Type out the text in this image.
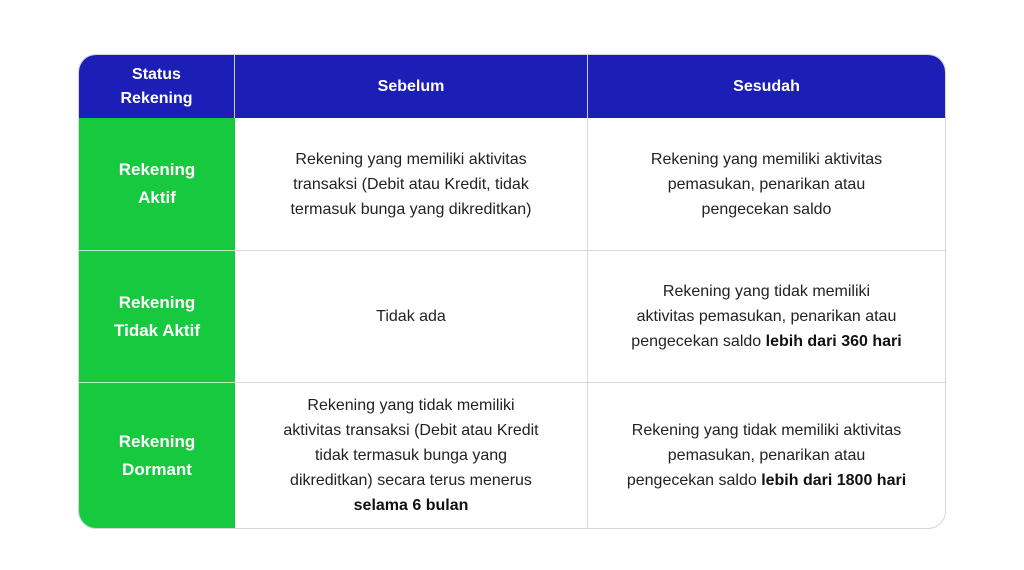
Status
Rekening
Sebelum	Sesudah
Rekening
Aktif
Rekening yang memiliki aktivitas
transaksi (Debit atau Kredit, tidak
termasuk bunga yang dikreditkan)
Rekening yang memiliki aktivitas
pemasukan, penarikan atau
pengecekan saldo
Rekening
Tidak Aktif
Tidak ada
Rekening yang tidak memiliki
aktivitas pemasukan, penarikan atau
pengecekan saldo lebih dari 360 hari
Rekening
Dormant
Rekening yang tidak memiliki
aktivitas transaksi (Debit atau Kredit
tidak termasuk bunga yang
dikreditkan) secara terus menerus
selama 6 bulan
Rekening yang tidak memiliki aktivitas
pemasukan, penarikan atau
pengecekan saldo lebih dari 1800 hari
